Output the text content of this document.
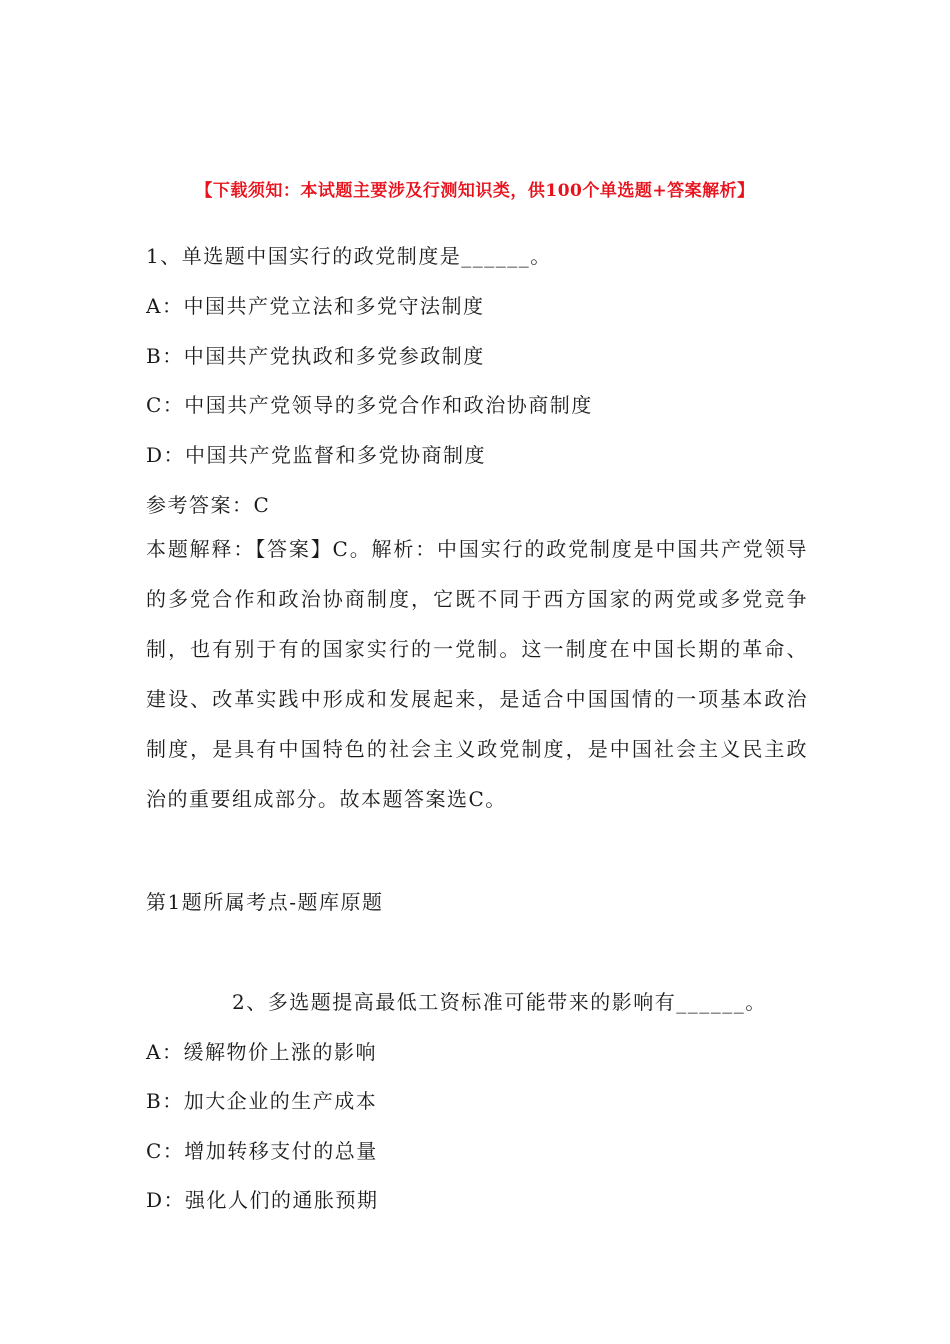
【下载须知：本试题主要涉及行测知识类，供100个单选题+答案解析】
1、单选题中国实行的政党制度是______。
A：中国共产党立法和多党守法制度
B：中国共产党执政和多党参政制度
C：中国共产党领导的多党合作和政治协商制度
D：中国共产党监督和多党协商制度
参考答案：C
本题解释：【答案】C。解析：中国实行的政党制度是中国共产党领导的多党合作和政治协商制度，它既不同于西方国家的两党或多党竞争制，也有别于有的国家实行的一党制。这一制度在中国长期的革命、建设、改革实践中形成和发展起来，是适合中国国情的一项基本政治制度，是具有中国特色的社会主义政党制度，是中国社会主义民主政治的重要组成部分。故本题答案选C。
第1题所属考点-题库原题
2、多选题提高最低工资标准可能带来的影响有______。
A：缓解物价上涨的影响
B：加大企业的生产成本
C：增加转移支付的总量
D：强化人们的通胀预期
